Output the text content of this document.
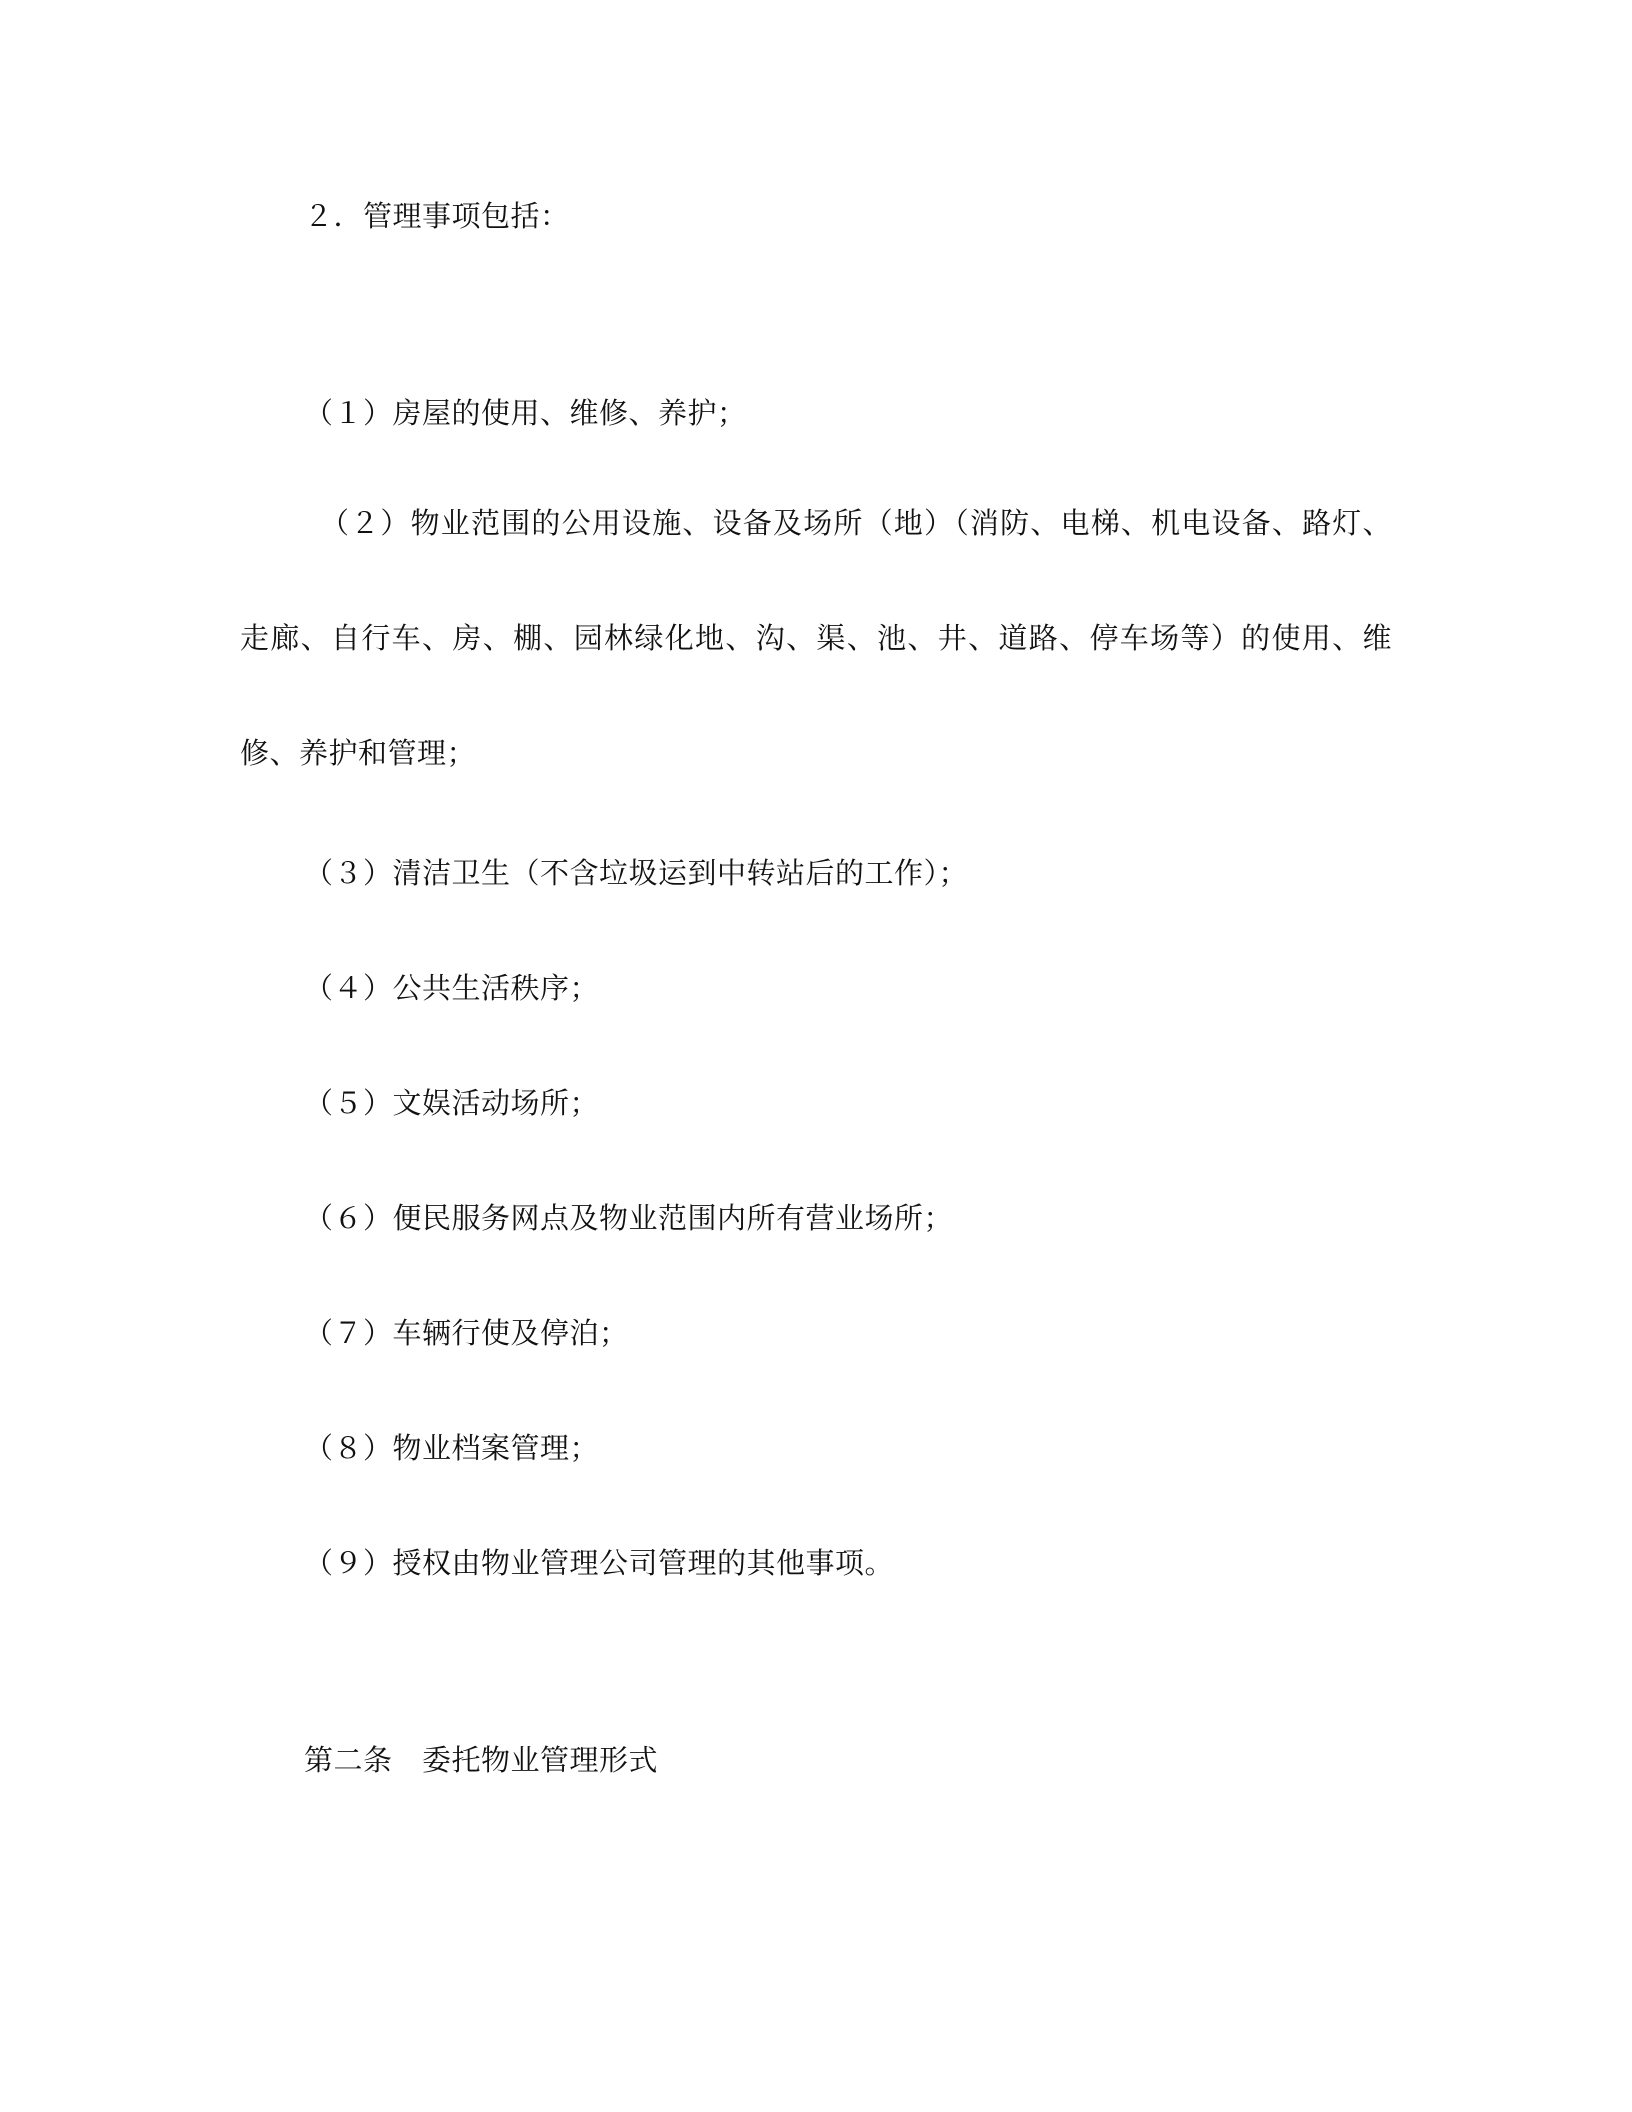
２．管理事项包括：
（１）房屋的使用、维修、养护；
（２）物业范围的公用设施、设备及场所（地）（消防、电梯、机电设备、路灯、走廊、自行车、房、棚、园林绿化地、沟、渠、池、井、道路、停车场等）的使用、维修、养护和管理；
（３）清洁卫生（不含垃圾运到中转站后的工作）；
（４）公共生活秩序；
（５）文娱活动场所；
（６）便民服务网点及物业范围内所有营业场所；
（７）车辆行使及停泊；
（８）物业档案管理；
（９）授权由物业管理公司管理的其他事项。
第二条　委托物业管理形式
